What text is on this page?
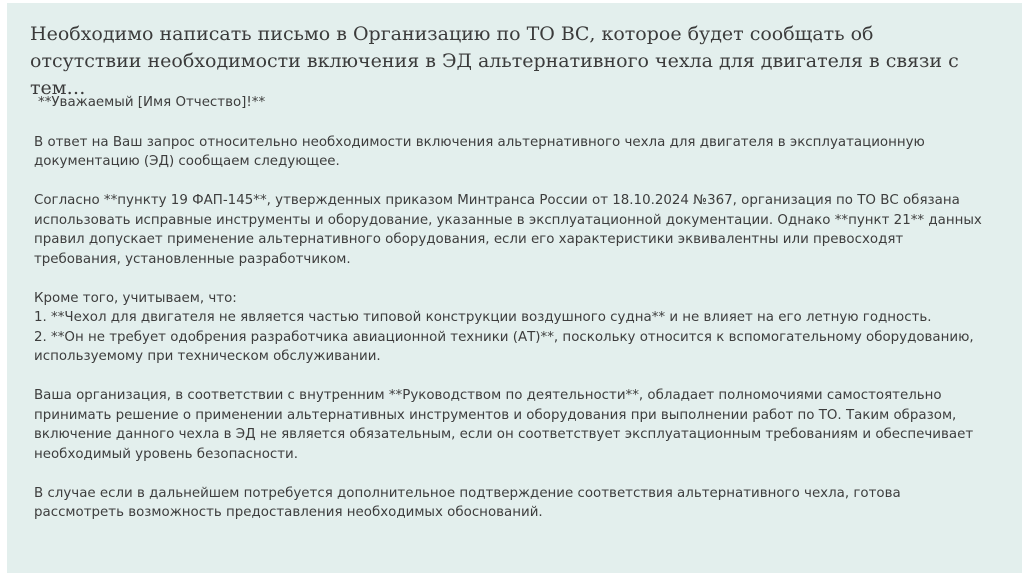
Необходимо написать письмо в Организацию по ТО ВС, которое будет сообщать об отсутствии необходимости включения в ЭД альтернативного чехла для двигателя в связи с тем…

**Уважаемый [Имя Отчество]!**

В ответ на Ваш запрос относительно необходимости включения альтернативного чехла для двигателя в эксплуатационную документацию (ЭД) сообщаем следующее.

Согласно **пункту 19 ФАП-145**, утвержденных приказом Минтранса России от 18.10.2024 №367, организация по ТО ВС обязана использовать исправные инструменты и оборудование, указанные в эксплуатационной документации. Однако **пункт 21** данных правил допускает применение альтернативного оборудования, если его характеристики эквивалентны или превосходят требования, установленные разработчиком.

Кроме того, учитываем, что:
1. **Чехол для двигателя не является частью типовой конструкции воздушного судна** и не влияет на его летную годность.
2. **Он не требует одобрения разработчика авиационной техники (АТ)**, поскольку относится к вспомогательному оборудованию, используемому при техническом обслуживании.

Ваша организация, в соответствии с внутренним **Руководством по деятельности**, обладает полномочиями самостоятельно принимать решение о применении альтернативных инструментов и оборудования при выполнении работ по ТО. Таким образом, включение данного чехла в ЭД не является обязательным, если он соответствует эксплуатационным требованиям и обеспечивает необходимый уровень безопасности.

В случае если в дальнейшем потребуется дополнительное подтверждение соответствия альтернативного чехла, готова рассмотреть возможность предоставления необходимых обоснований.
